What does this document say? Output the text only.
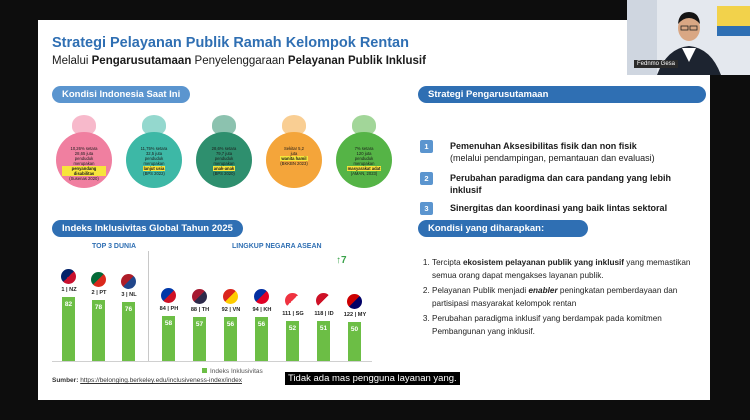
Strategi Pelayanan Publik Ramah Kelompok Rentan
Melalui Pengarusutamaan Penyelenggaraan Pelayanan Publik Inklusif
Kondisi Indonesia Saat Ini
10,26% setara
28,65 juta
penduduk
merupakan
penyandang disabilitas
(Susenas 2020)
11,75% setara
32,5 juta
penduduk
merupakan
lanjut usia
(BPS 2022)
28,6% setara
79,7 juta
penduduk
merupakan
anak-anak
(BPS 2020)
Sekitar 5,2
juta
wanita hamil
(BKKBN 2023)
7% setara
120 juta
penduduk
merupakan
masyarakat adat
(AMAN, 2023)
Indeks Inklusivitas Global Tahun 2025
TOP 3 DUNIA	LINGKUP NEGARA ASEAN
1 | NZ
82
2 | PT
78
3 | NL
76	84 | PH
58
88 | TH
57
92 | VN
56
94 | KH
56
111 | SG
52
118 | ID
51
122 | MY
50
↑7
Indeks Inklusivitas
Strategi Pengarusutamaan
1	Pemenuhan Aksesibilitas fisik dan non fisik
(melalui pendampingan, pemantauan dan evaluasi)
2	Perubahan paradigma dan cara pandang yang lebih inklusif
3	Sinergitas dan koordinasi yang baik lintas sektoral
Kondisi yang diharapkan:
1. Tercipta ekosistem pelayanan publik yang inklusif yang memastikan semua orang dapat mengakses layanan publik.
2. Pelayanan Publik menjadi enabler peningkatan pemberdayaan dan partisipasi masyarakat kelompok rentan
3. Perubahan paradigma inklusif yang berdampak pada komitmen Pembangunan yang inklusif.
Sumber: https://belonging.berkeley.edu/inclusiveness-index/index	Tidak ada mas pengguna layanan yang.
Fednmo Gesa
